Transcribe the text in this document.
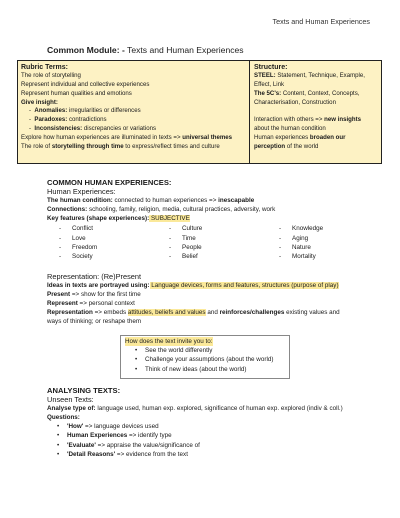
Texts and Human Experiences
Common Module: - Texts and Human Experiences
Rubric Terms:
The role of storytelling
Represent individual and collective experiences
Represent human qualities and emotions
Give insight:
-  Anomalies: irregularities or differences
-  Paradoxes: contradictions
-  Inconsistencies: discrepancies or variations
Explore how human experiences are illuminated in texts => universal themes
The role of storytelling through time to express/reflect times and culture
Structure:
STEEL: Statement, Technique, Example,
Effect, Link
The 5C's: Content, Context, Concepts,
Characterisation, Construction
Interaction with others => new insights
about the human condition
Human experiences broaden our
perception of the world
COMMON HUMAN EXPERIENCES:
Human Experiences:
The human condition: connected to human experiences => inescapable
Connections: schooling, family, religion, media, cultural practices, adversity, work
Key features (shape experiences): SUBJECTIVE
- Conflict	- Culture	- Knowledge
- Love	- Time	- Aging
- Freedom	- People	- Nature
- Society	- Belief	- Mortality
Representation: (Re)Present
Ideas in texts are portrayed using: Language devices, forms and features, structures (purpose of play)
Present => show for the first time
Represent => personal context
Representation => embeds attitudes, beliefs and values and reinforces/challenges existing values and
ways of thinking; or reshape them
How does the text invite you to:
• See the world differently
• Challenge your assumptions (about the world)
• Think of new ideas (about the world)
ANALYSING TEXTS:
Unseen Texts:
Analyse type of: language used, human exp. explored, significance of human exp. explored (indiv & coll.)
Questions:
• 'How' => language devices used
• Human Experiences => identify type
• 'Evaluate' => appraise the value/significance of
• 'Detail Reasons' => evidence from the text
